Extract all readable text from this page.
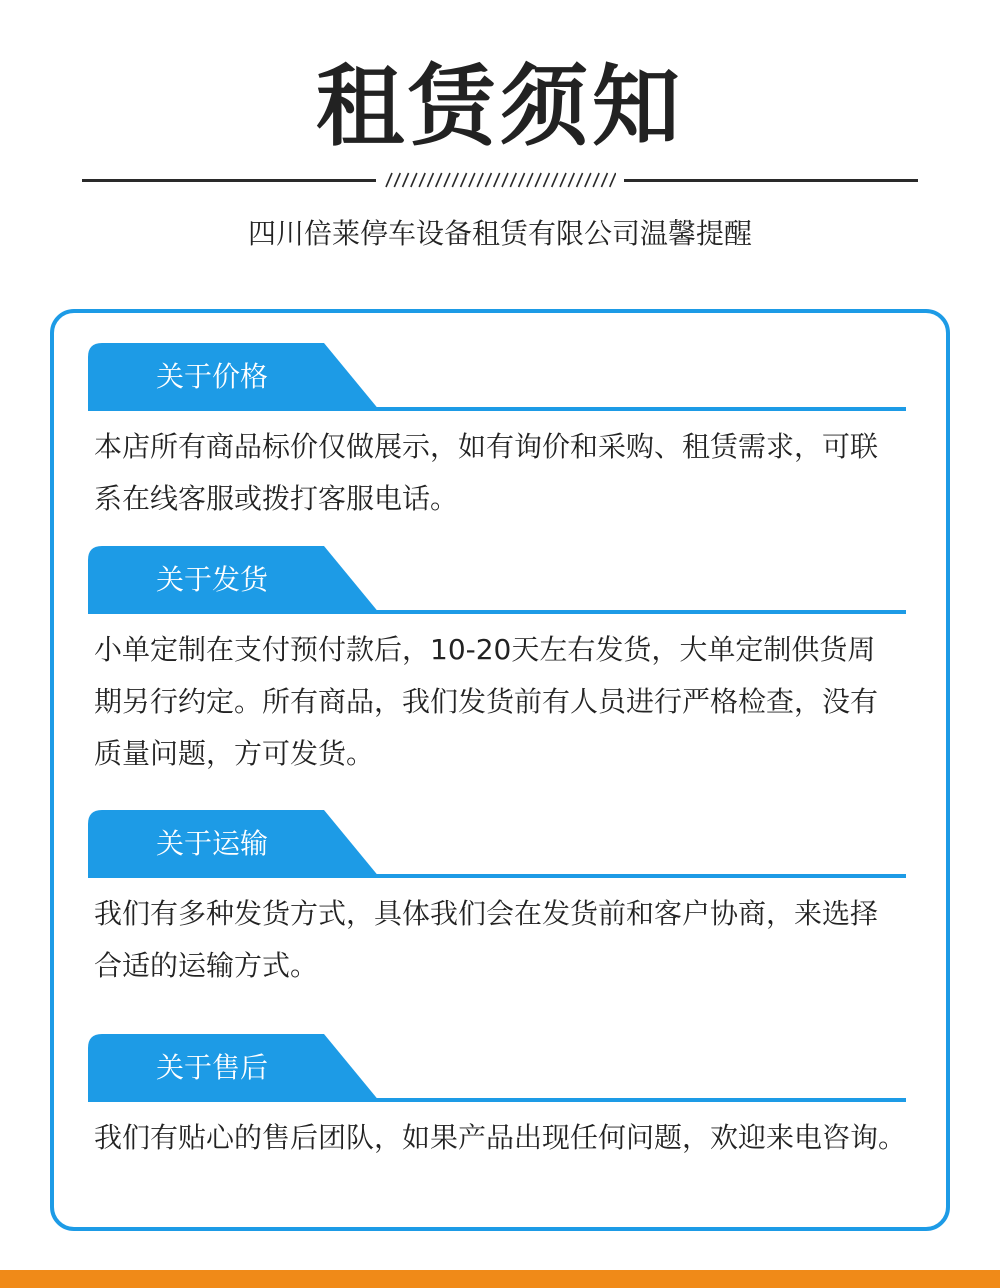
租赁须知
四川倍莱停车设备租赁有限公司温馨提醒
关于价格
本店所有商品标价仅做展示，如有询价和采购、租赁需求，可联
系在线客服或拨打客服电话。
关于发货
小单定制在支付预付款后，10-20天左右发货，大单定制供货周
期另行约定。所有商品，我们发货前有人员进行严格检查，没有
质量问题，方可发货。
关于运输
我们有多种发货方式，具体我们会在发货前和客户协商，来选择
合适的运输方式。
关于售后
我们有贴心的售后团队，如果产品出现任何问题，欢迎来电咨询。
